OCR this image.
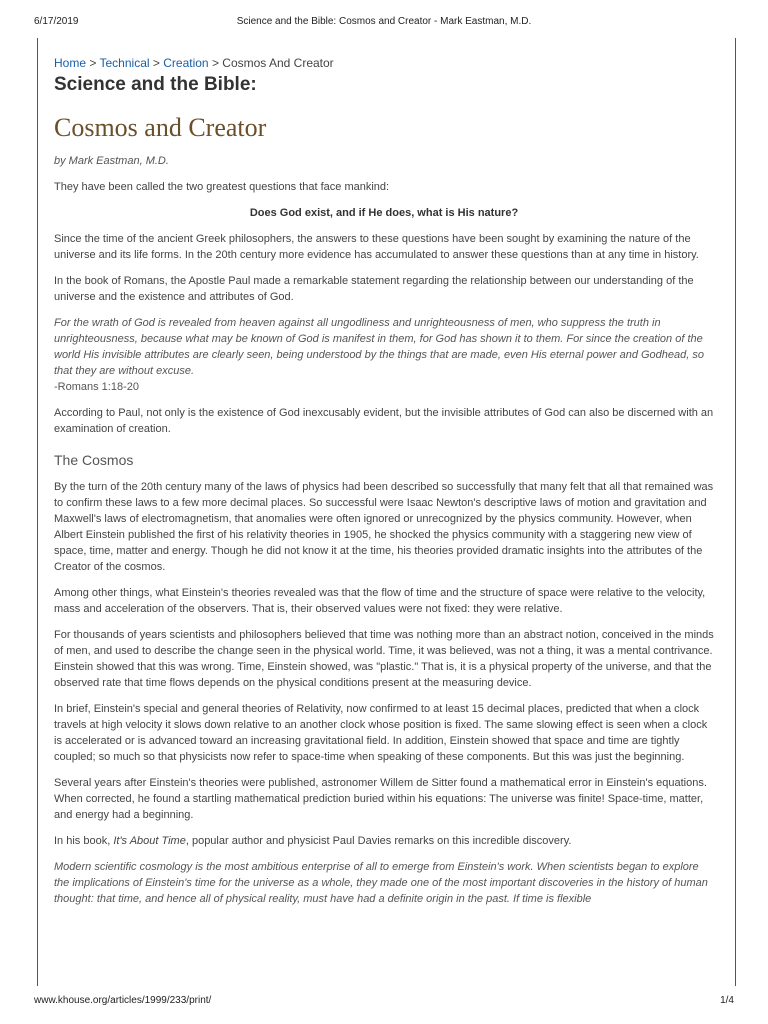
6/17/2019	Science and the Bible: Cosmos and Creator - Mark Eastman, M.D.
Home > Technical > Creation > Cosmos And Creator
Science and the Bible:
Cosmos and Creator

by Mark Eastman, M.D.

They have been called the two greatest questions that face mankind:

Does God exist, and if He does, what is His nature?

Since the time of the ancient Greek philosophers, the answers to these questions have been sought by examining the nature of the universe and its life forms. In the 20th century more evidence has accumulated to answer these questions than at any time in history.

In the book of Romans, the Apostle Paul made a remarkable statement regarding the relationship between our understanding of the universe and the existence and attributes of God.

For the wrath of God is revealed from heaven against all ungodliness and unrighteousness of men, who suppress the truth in unrighteousness, because what may be known of God is manifest in them, for God has shown it to them. For since the creation of the world His invisible attributes are clearly seen, being understood by the things that are made, even His eternal power and Godhead, so that they are without excuse.
-Romans 1:18-20

According to Paul, not only is the existence of God inexcusably evident, but the invisible attributes of God can also be discerned with an examination of creation.

The Cosmos

By the turn of the 20th century many of the laws of physics had been described so successfully that many felt that all that remained was to confirm these laws to a few more decimal places. So successful were Isaac Newton's descriptive laws of motion and gravitation and Maxwell's laws of electromagnetism, that anomalies were often ignored or unrecognized by the physics community. However, when Albert Einstein published the first of his relativity theories in 1905, he shocked the physics community with a staggering new view of space, time, matter and energy. Though he did not know it at the time, his theories provided dramatic insights into the attributes of the Creator of the cosmos.

Among other things, what Einstein's theories revealed was that the flow of time and the structure of space were relative to the velocity, mass and acceleration of the observers. That is, their observed values were not fixed: they were relative.

For thousands of years scientists and philosophers believed that time was nothing more than an abstract notion, conceived in the minds of men, and used to describe the change seen in the physical world. Time, it was believed, was not a thing, it was a mental contrivance. Einstein showed that this was wrong. Time, Einstein showed, was "plastic." That is, it is a physical property of the universe, and that the observed rate that time flows depends on the physical conditions present at the measuring device.

In brief, Einstein's special and general theories of Relativity, now confirmed to at least 15 decimal places, predicted that when a clock travels at high velocity it slows down relative to an another clock whose position is fixed. The same slowing effect is seen when a clock is accelerated or is advanced toward an increasing gravitational field. In addition, Einstein showed that space and time are tightly coupled; so much so that physicists now refer to space-time when speaking of these components. But this was just the beginning.

Several years after Einstein's theories were published, astronomer Willem de Sitter found a mathematical error in Einstein's equations. When corrected, he found a startling mathematical prediction buried within his equations: The universe was finite! Space-time, matter, and energy had a beginning.

In his book, It's About Time, popular author and physicist Paul Davies remarks on this incredible discovery.

Modern scientific cosmology is the most ambitious enterprise of all to emerge from Einstein's work. When scientists began to explore the implications of Einstein's time for the universe as a whole, they made one of the most important discoveries in the history of human thought: that time, and hence all of physical reality, must have had a definite origin in the past. If time is flexible

www.khouse.org/articles/1999/233/print/	1/4
